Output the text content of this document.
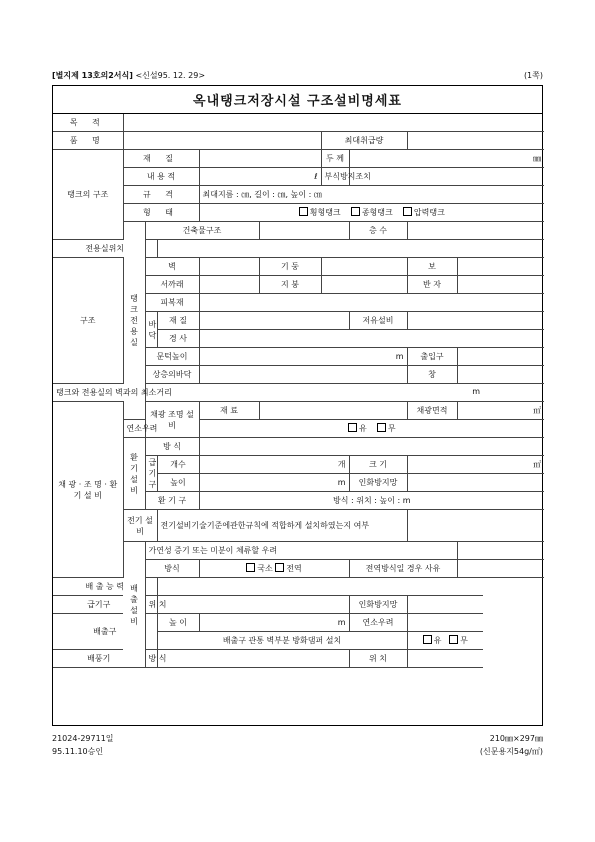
[별지제 13호의2서식] <신설95. 12. 29>	(1쪽)
옥내탱크저장시설 구조설비명세표
목 적									
품 명						최대취급량			
탱크의 구조	재 질					두 께	㎜		
	내 용 적			ℓ		부식방지조치			
	규 격			최대지름 : ㎝, 길이 : ㎝, 높이 : ㎝					
	형 태			횡형탱크 종형탱크 압력탱크					
	탱크 전용실	건축물구조					층 수		
전용실위치									
구조		벽			기 둥			보	
		서까래			지 붕			반 자	
		피복재							
		바닥	재 질				저유설비		
			경 사						
		문턱높이		m				출입구	
		상층의바닥						창	
탱크와 전용실의 벽과의 최소거리 m									

채 광 · 조 명 · 환 기 설 비		채광 조명 설비		재 료				채광면적	㎡
	연소우려			유 무					
	환기 설비	방 식							
		급기구	개수	개			크 기	㎡	
			높이	m			인화방지망		
		환 기 구		방식 : 위치 : 높이 : m					
	전기 설비		전기설비기술기준에관한규칙에 적합하게 설치하였는지 여부						
	배 출 설 비	가연성 증기 또는 미분이 체류할 우려							
		방식		국소 전역			전역방식일 경우 사유		
배 출 능 력									
급기구		위 치					인화방지망		
배출구			높 이	m			연소우려		
			배출구 관통 벽부분 방화댐퍼 설치					유 무	
배풍기		방 식					위 치		
21024-29711일
95.11.10승인
210㎜×297㎜
(신문용지54g/㎡)
